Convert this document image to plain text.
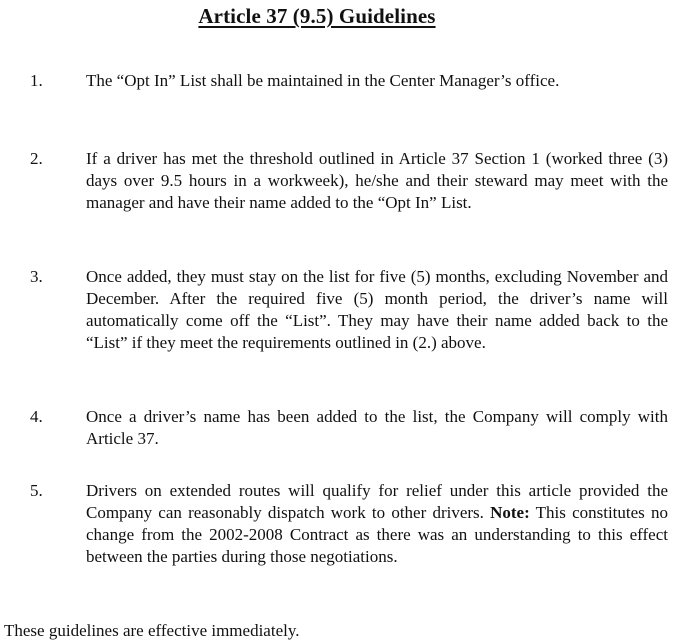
Article 37 (9.5) Guidelines
1.	The “Opt In” List shall be maintained in the Center Manager’s office.
2.	If a driver has met the threshold outlined in Article 37 Section 1 (worked three (3) days over 9.5 hours in a workweek), he/she and their steward may meet with the manager and have their name added to the “Opt In” List.
3.	Once added, they must stay on the list for five (5) months, excluding November and December. After the required five (5) month period, the driver’s name will automatically come off the “List”. They may have their name added back to the “List” if they meet the requirements outlined in (2.) above.
4.	Once a driver’s name has been added to the list, the Company will comply with Article 37.
5.	Drivers on extended routes will qualify for relief under this article provided the Company can reasonably dispatch work to other drivers. Note: This constitutes no change from the 2002-2008 Contract as there was an understanding to this effect between the parties during those negotiations.
These guidelines are effective immediately.
